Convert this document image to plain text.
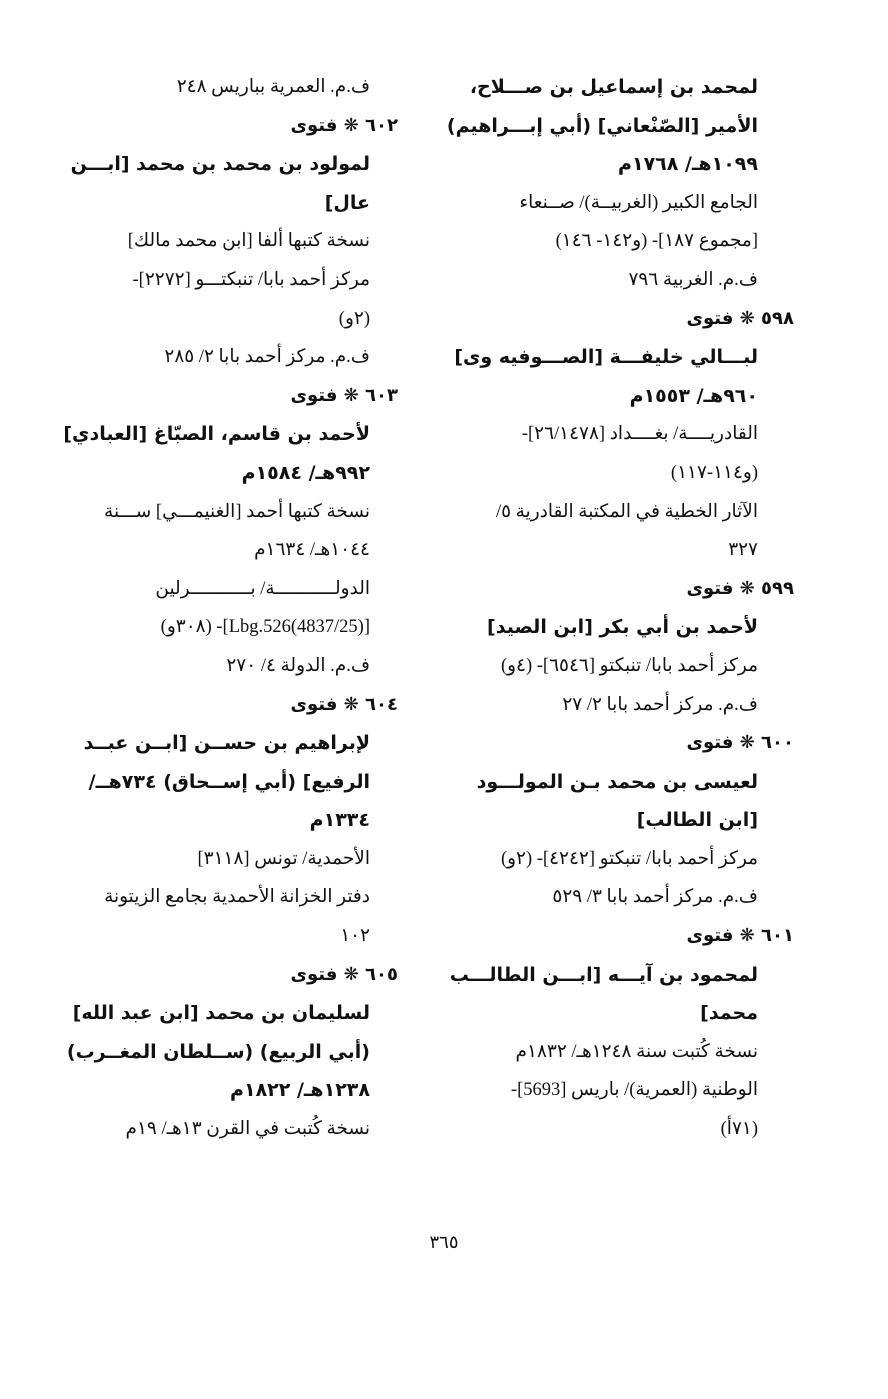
لمحمد بن إسماعيل بن صـــلاح،
الأمير [الصّنْعاني] (أبي إبـــراهيم)
١٠٩٩هـ/ ١٧٦٨م
الجامع الكبير (الغربيــة)/ صــنعاء
[مجموع ١٨٧]- (و١٤٢- ١٤٦)
ف.م. الغربية ٧٩٦
٥٩٨ ❋ فتوى
لبـــالي خليفـــة [الصـــوفيه وى]
٩٦٠هـ/ ١٥٥٣م
القادريــــة/ بغــــداد [٢٦/١٤٧٨]-
(و١١٤-١١٧)
الآثار الخطية في المكتبة القادرية ٥/
٣٢٧
٥٩٩ ❋ فتوى
لأحمد بن أبي بكر [ابن الصيد]
مركز أحمد بابا/ تنبكتو [٦٥٤٦]- (٤و)
ف.م. مركز أحمد بابا ٢/ ٢٧
٦٠٠ ❋ فتوى
لعيسى بن محمد بـن المولـــود
[ابن الطالب]
مركز أحمد بابا/ تنبكتو [٤٢٤٢]- (٢و)
ف.م. مركز أحمد بابا ٣/ ٥٢٩
٦٠١ ❋ فتوى
لمحمود بن آيـــه [ابـــن الطالـــب
محمد]
نسخة كُتبت سنة ١٢٤٨هـ/ ١٨٣٢م
الوطنية (العمرية)/ باريس [5693]-
(٧١أ)
ف.م. العمرية بباريس ٢٤٨
٦٠٢ ❋ فتوى
لمولود بن محمد بن محمد [ابـــن
عال]
نسخة كتبها ألفا [ابن محمد مالك]
مركز أحمد بابا/ تنبكتـــو [٢٢٧٢]-
(٢و)
ف.م. مركز أحمد بابا ٢/ ٢٨٥
٦٠٣ ❋ فتوى
لأحمد بن قاسم، الصبّاغ [العبادي]
٩٩٢هـ/ ١٥٨٤م
نسخة كتبها أحمد [الغنيمـــي] ســـنة
١٠٤٤هـ/ ١٦٣٤م
الدولـــــــــــة/ بـــــــــــرلين
[Lbg.526(4837/25)]- (٣٠٨و)
ف.م. الدولة ٤/ ٢٧٠
٦٠٤ ❋ فتوى
لإبراهيم بن حســن [ابــن عبــد
الرفيع] (أبي إســحاق) ٧٣٤هــ/
١٣٣٤م
الأحمدية/ تونس [٣١١٨]
دفتر الخزانة الأحمدية بجامع الزيتونة
١٠٢
٦٠٥ ❋ فتوى
لسليمان بن محمد [ابن عبد الله]
(أبي الربيع) (ســلطان المغــرب)
١٢٣٨هـ/ ١٨٢٢م
نسخة كُتبت في القرن ١٣هـ/ ١٩م
٣٦٥
